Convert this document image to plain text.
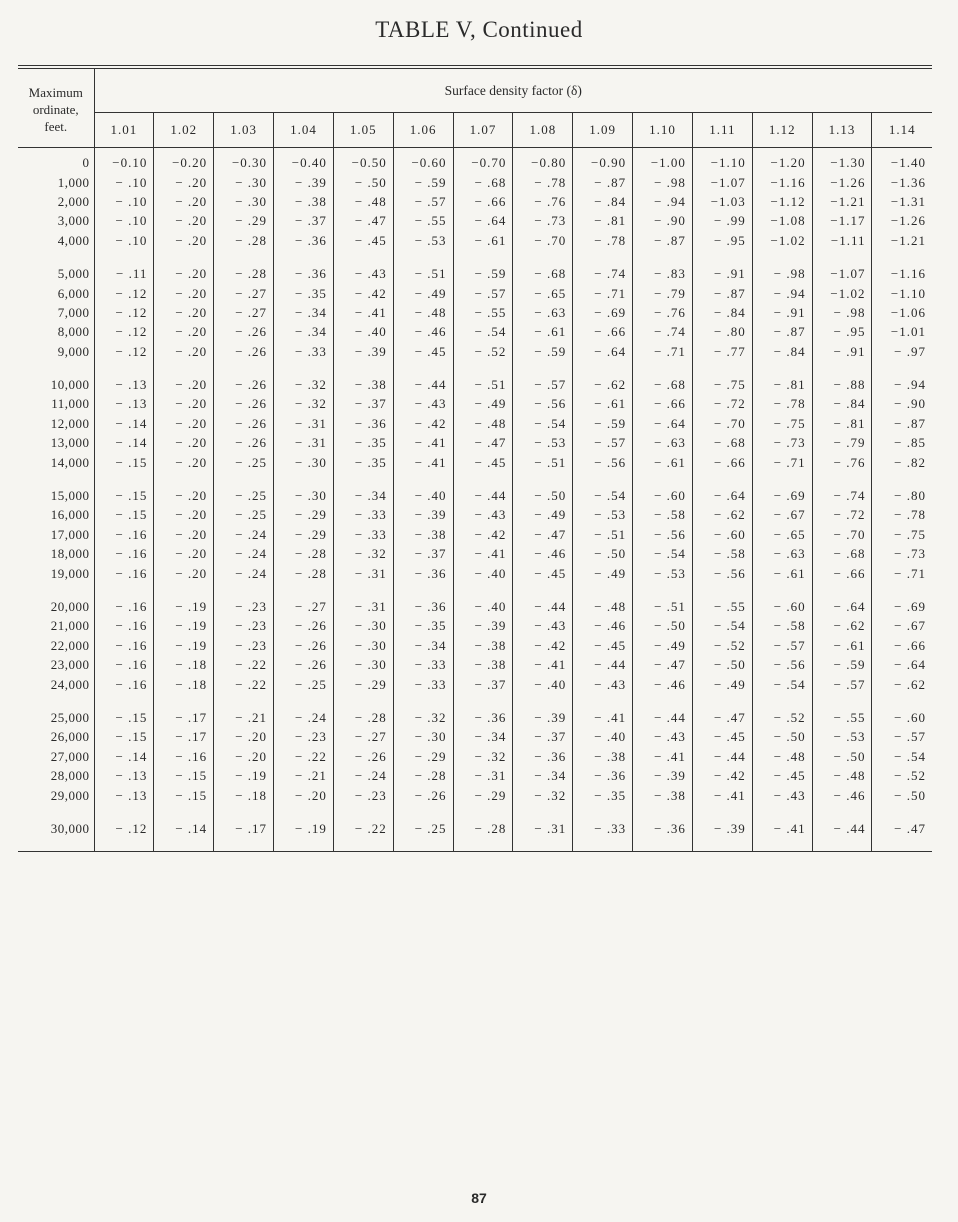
TABLE V, Continued
Maximum
ordinate,
feet.	Surface density factor (δ)													
	1.01	1.02	1.03	1.04	1.05	1.06	1.07	1.08	1.09	1.10	1.11	1.12	1.13	1.14

0	−0.10	−0.20	−0.30	−0.40	−0.50	−0.60	−0.70	−0.80	−0.90	−1.00	−1.10	−1.20	−1.30	−1.40
1,000	− .10	− .20	− .30	− .39	− .50	− .59	− .68	− .78	− .87	− .98	−1.07	−1.16	−1.26	−1.36
2,000	− .10	− .20	− .30	− .38	− .48	− .57	− .66	− .76	− .84	− .94	−1.03	−1.12	−1.21	−1.31
3,000	− .10	− .20	− .29	− .37	− .47	− .55	− .64	− .73	− .81	− .90	− .99	−1.08	−1.17	−1.26
4,000	− .10	− .20	− .28	− .36	− .45	− .53	− .61	− .70	− .78	− .87	− .95	−1.02	−1.11	−1.21

5,000	− .11	− .20	− .28	− .36	− .43	− .51	− .59	− .68	− .74	− .83	− .91	− .98	−1.07	−1.16
6,000	− .12	− .20	− .27	− .35	− .42	− .49	− .57	− .65	− .71	− .79	− .87	− .94	−1.02	−1.10
7,000	− .12	− .20	− .27	− .34	− .41	− .48	− .55	− .63	− .69	− .76	− .84	− .91	− .98	−1.06
8,000	− .12	− .20	− .26	− .34	− .40	− .46	− .54	− .61	− .66	− .74	− .80	− .87	− .95	−1.01
9,000	− .12	− .20	− .26	− .33	− .39	− .45	− .52	− .59	− .64	− .71	− .77	− .84	− .91	− .97

10,000	− .13	− .20	− .26	− .32	− .38	− .44	− .51	− .57	− .62	− .68	− .75	− .81	− .88	− .94
11,000	− .13	− .20	− .26	− .32	− .37	− .43	− .49	− .56	− .61	− .66	− .72	− .78	− .84	− .90
12,000	− .14	− .20	− .26	− .31	− .36	− .42	− .48	− .54	− .59	− .64	− .70	− .75	− .81	− .87
13,000	− .14	− .20	− .26	− .31	− .35	− .41	− .47	− .53	− .57	− .63	− .68	− .73	− .79	− .85
14,000	− .15	− .20	− .25	− .30	− .35	− .41	− .45	− .51	− .56	− .61	− .66	− .71	− .76	− .82

15,000	− .15	− .20	− .25	− .30	− .34	− .40	− .44	− .50	− .54	− .60	− .64	− .69	− .74	− .80
16,000	− .15	− .20	− .25	− .29	− .33	− .39	− .43	− .49	− .53	− .58	− .62	− .67	− .72	− .78
17,000	− .16	− .20	− .24	− .29	− .33	− .38	− .42	− .47	− .51	− .56	− .60	− .65	− .70	− .75
18,000	− .16	− .20	− .24	− .28	− .32	− .37	− .41	− .46	− .50	− .54	− .58	− .63	− .68	− .73
19,000	− .16	− .20	− .24	− .28	− .31	− .36	− .40	− .45	− .49	− .53	− .56	− .61	− .66	− .71

20,000	− .16	− .19	− .23	− .27	− .31	− .36	− .40	− .44	− .48	− .51	− .55	− .60	− .64	− .69
21,000	− .16	− .19	− .23	− .26	− .30	− .35	− .39	− .43	− .46	− .50	− .54	− .58	− .62	− .67
22,000	− .16	− .19	− .23	− .26	− .30	− .34	− .38	− .42	− .45	− .49	− .52	− .57	− .61	− .66
23,000	− .16	− .18	− .22	− .26	− .30	− .33	− .38	− .41	− .44	− .47	− .50	− .56	− .59	− .64
24,000	− .16	− .18	− .22	− .25	− .29	− .33	− .37	− .40	− .43	− .46	− .49	− .54	− .57	− .62

25,000	− .15	− .17	− .21	− .24	− .28	− .32	− .36	− .39	− .41	− .44	− .47	− .52	− .55	− .60
26,000	− .15	− .17	− .20	− .23	− .27	− .30	− .34	− .37	− .40	− .43	− .45	− .50	− .53	− .57
27,000	− .14	− .16	− .20	− .22	− .26	− .29	− .32	− .36	− .38	− .41	− .44	− .48	− .50	− .54
28,000	− .13	− .15	− .19	− .21	− .24	− .28	− .31	− .34	− .36	− .39	− .42	− .45	− .48	− .52
29,000	− .13	− .15	− .18	− .20	− .23	− .26	− .29	− .32	− .35	− .38	− .41	− .43	− .46	− .50

30,000	− .12	− .14	− .17	− .19	− .22	− .25	− .28	− .31	− .33	− .36	− .39	− .41	− .44	− .47

87
